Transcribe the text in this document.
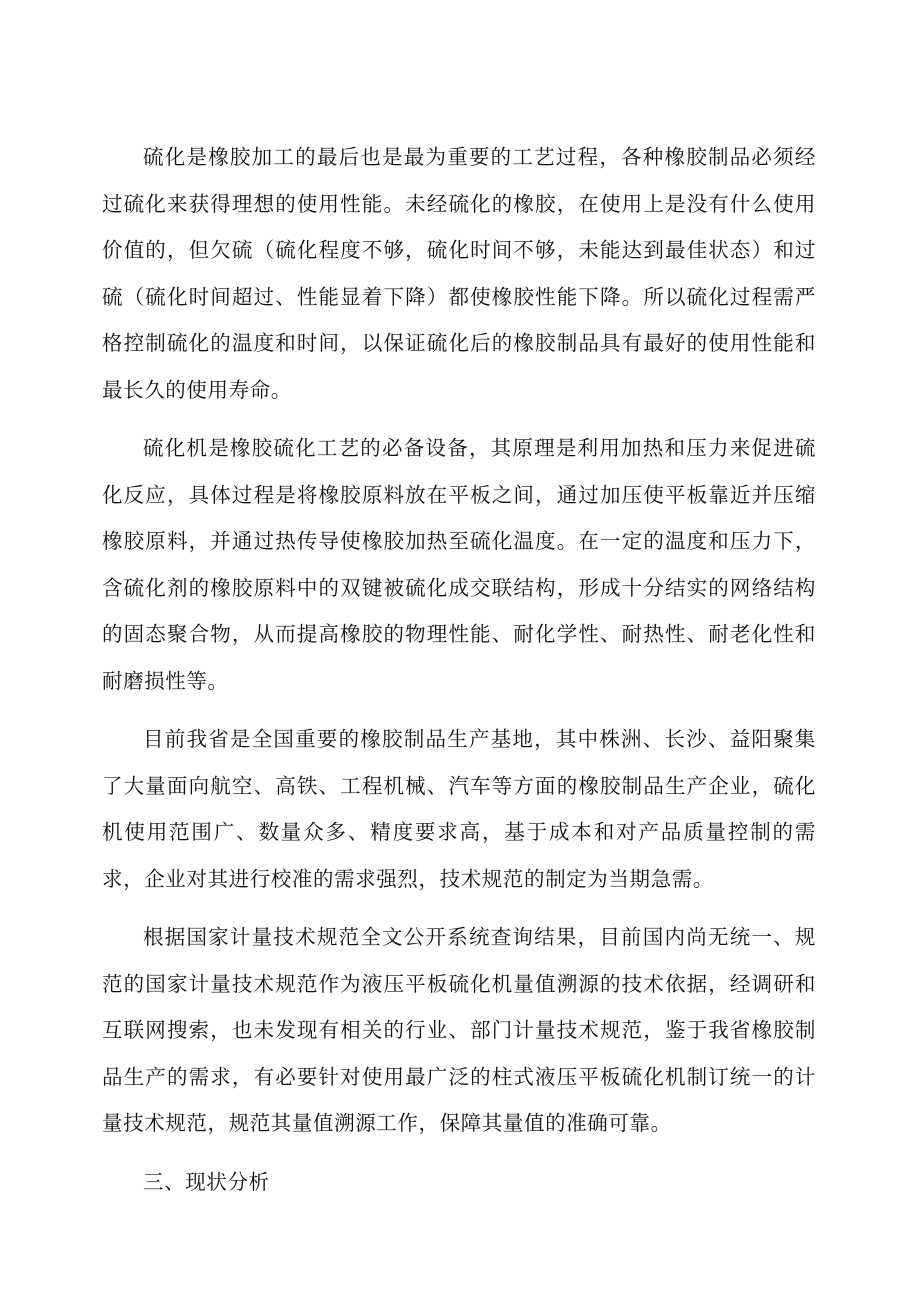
硫化是橡胶加工的最后也是最为重要的工艺过程，各种橡胶制品必须经过硫化来获得理想的使用性能。未经硫化的橡胶，在使用上是没有什么使用价值的，但欠硫（硫化程度不够，硫化时间不够，未能达到最佳状态）和过硫（硫化时间超过、性能显着下降）都使橡胶性能下降。所以硫化过程需严格控制硫化的温度和时间，以保证硫化后的橡胶制品具有最好的使用性能和最长久的使用寿命。

硫化机是橡胶硫化工艺的必备设备，其原理是利用加热和压力来促进硫化反应，具体过程是将橡胶原料放在平板之间，通过加压使平板靠近并压缩橡胶原料，并通过热传导使橡胶加热至硫化温度。在一定的温度和压力下，含硫化剂的橡胶原料中的双键被硫化成交联结构，形成十分结实的网络结构的固态聚合物，从而提高橡胶的物理性能、耐化学性、耐热性、耐老化性和耐磨损性等。

目前我省是全国重要的橡胶制品生产基地，其中株洲、长沙、益阳聚集了大量面向航空、高铁、工程机械、汽车等方面的橡胶制品生产企业，硫化机使用范围广、数量众多、精度要求高，基于成本和对产品质量控制的需求，企业对其进行校准的需求强烈，技术规范的制定为当期急需。

根据国家计量技术规范全文公开系统查询结果，目前国内尚无统一、规范的国家计量技术规范作为液压平板硫化机量值溯源的技术依据，经调研和互联网搜索，也未发现有相关的行业、部门计量技术规范，鉴于我省橡胶制品生产的需求，有必要针对使用最广泛的柱式液压平板硫化机制订统一的计量技术规范，规范其量值溯源工作，保障其量值的准确可靠。

三、现状分析
